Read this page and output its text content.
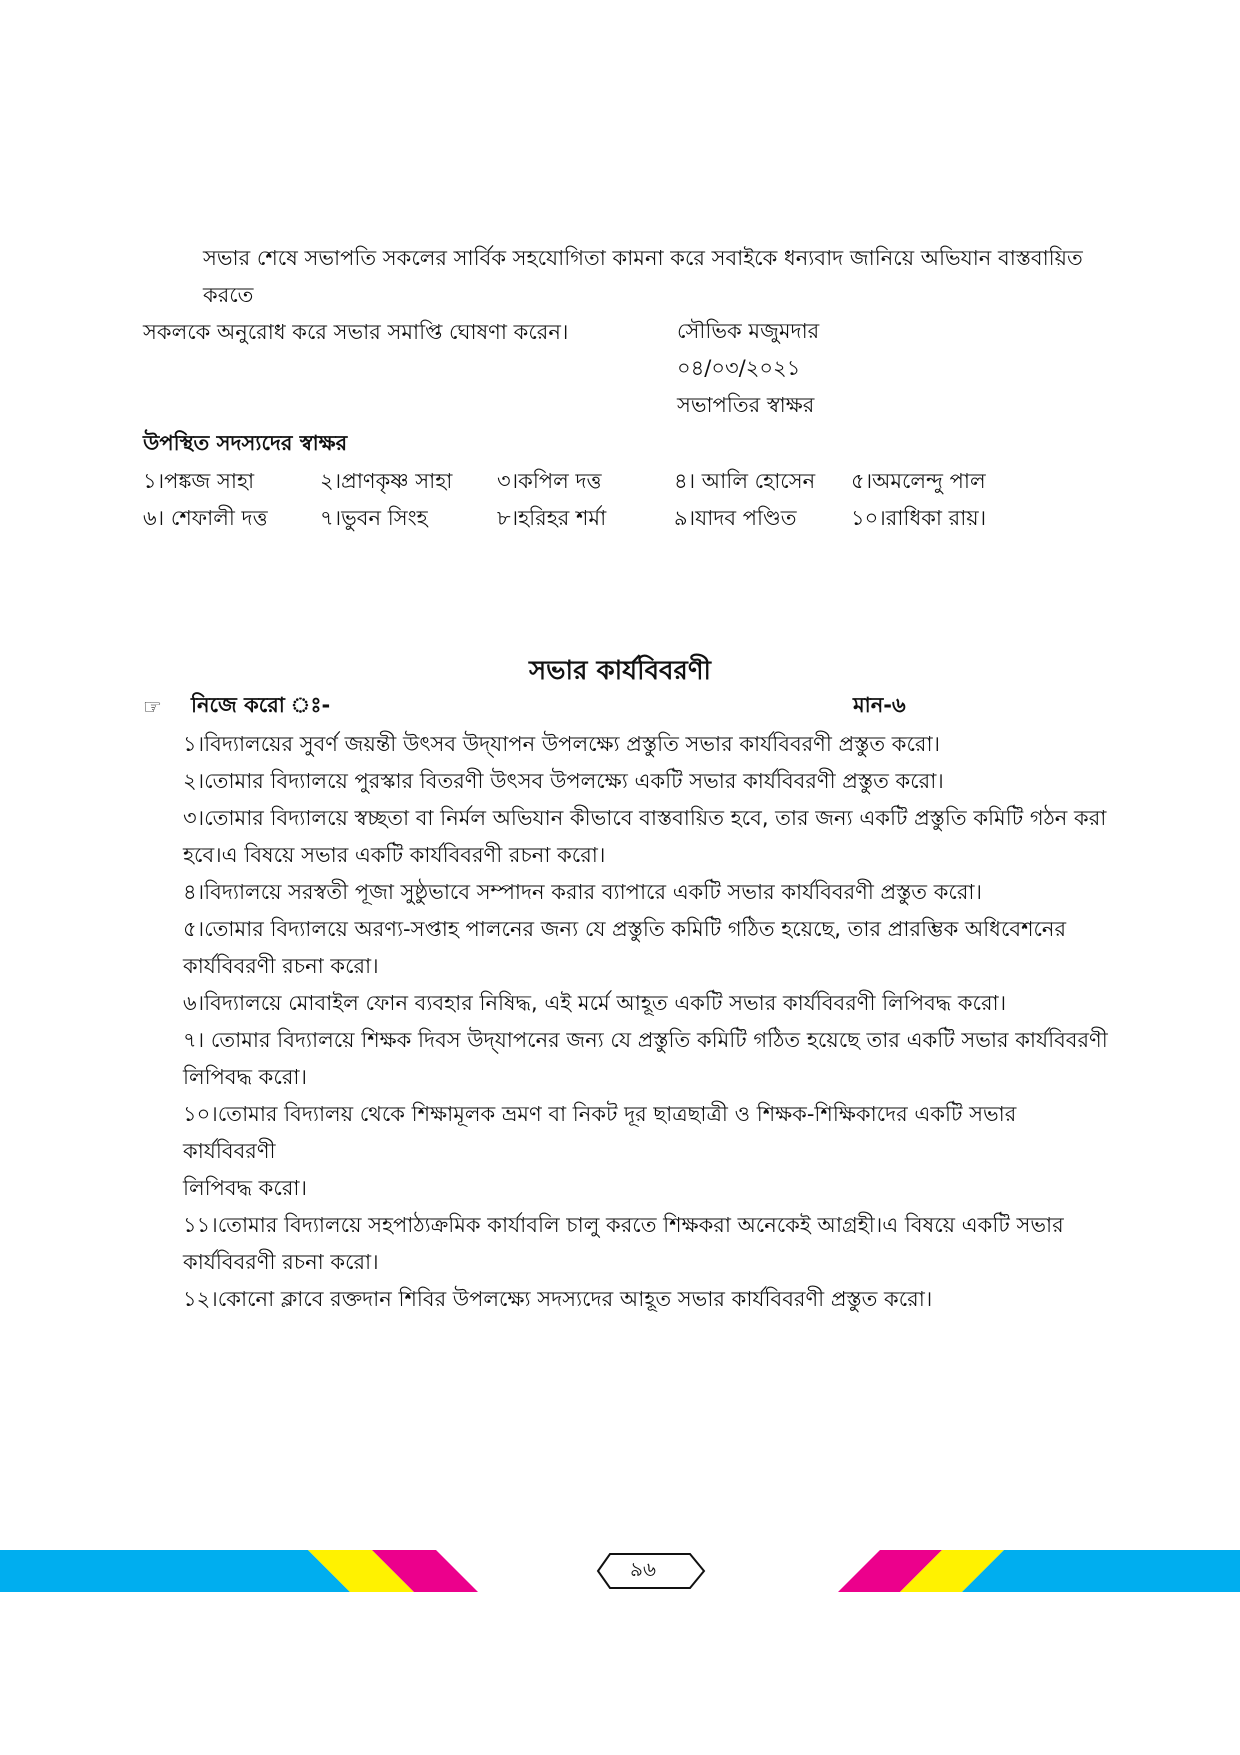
সভার শেষে সভাপতি সকলের সার্বিক সহযোগিতা কামনা করে সবাইকে ধন্যবাদ জানিয়ে অভিযান বাস্তবায়িত করতে
সকলকে অনুরোধ করে সভার সমাপ্তি ঘোষণা করেন।	সৌভিক মজুমদার
০৪/০৩/২০২১
সভাপতির স্বাক্ষর
উপস্থিত সদস্যদের স্বাক্ষর
১।পঙ্কজ সাহা	২।প্রাণকৃষ্ণ সাহা	৩।কপিল দত্ত	৪। আলি হোসেন	৫।অমলেন্দু পাল
৬। শেফালী দত্ত	৭।ভুবন সিংহ	৮।হরিহর শর্মা	৯।যাদব পণ্ডিত	১০।রাধিকা রায়।
সভার কার্যবিবরণী
☞	নিজে করো ঃ-	মান-৬
১।বিদ্যালয়ের সুবর্ণ জয়ন্তী উৎসব উদ্‌যাপন উপলক্ষ্যে প্রস্তুতি সভার কার্যবিবরণী প্রস্তুত করো।
২।তোমার বিদ্যালয়ে পুরস্কার বিতরণী উৎসব উপলক্ষ্যে একটি সভার কার্যবিবরণী প্রস্তুত করো।
৩।তোমার বিদ্যালয়ে স্বচ্ছতা বা নির্মল অভিযান কীভাবে বাস্তবায়িত হবে, তার জন্য একটি প্রস্তুতি কমিটি গঠন করা
হবে।এ বিষয়ে সভার একটি কার্যবিবরণী রচনা করো।
৪।বিদ্যালয়ে সরস্বতী পূজা সুষ্ঠুভাবে সম্পাদন করার ব্যাপারে একটি সভার কার্যবিবরণী প্রস্তুত করো।
৫।তোমার বিদ্যালয়ে অরণ্য-সপ্তাহ পালনের জন্য যে প্রস্তুতি কমিটি গঠিত হয়েছে, তার প্রারম্ভিক অধিবেশনের
কার্যবিবরণী রচনা করো।
৬।বিদ্যালয়ে মোবাইল ফোন ব্যবহার নিষিদ্ধ, এই মর্মে আহূত একটি সভার কার্যবিবরণী লিপিবদ্ধ করো।
৭। তোমার বিদ্যালয়ে শিক্ষক দিবস উদ্‌যাপনের জন্য যে প্রস্তুতি কমিটি গঠিত হয়েছে তার একটি সভার কার্যবিবরণী
লিপিবদ্ধ করো।
১০।তোমার বিদ্যালয় থেকে শিক্ষামূলক ভ্রমণ বা নিকট দূর ছাত্রছাত্রী ও শিক্ষক-শিক্ষিকাদের একটি সভার কার্যবিবরণী
লিপিবদ্ধ করো।
১১।তোমার বিদ্যালয়ে সহপাঠ্যক্রমিক কার্যাবলি চালু করতে শিক্ষকরা অনেকেই আগ্রহী।এ বিষয়ে একটি সভার
কার্যবিবরণী রচনা করো।
১২।কোনো ক্লাবে রক্তদান শিবির উপলক্ষ্যে সদস্যদের আহূত সভার কার্যবিবরণী প্রস্তুত করো।
৯৬
